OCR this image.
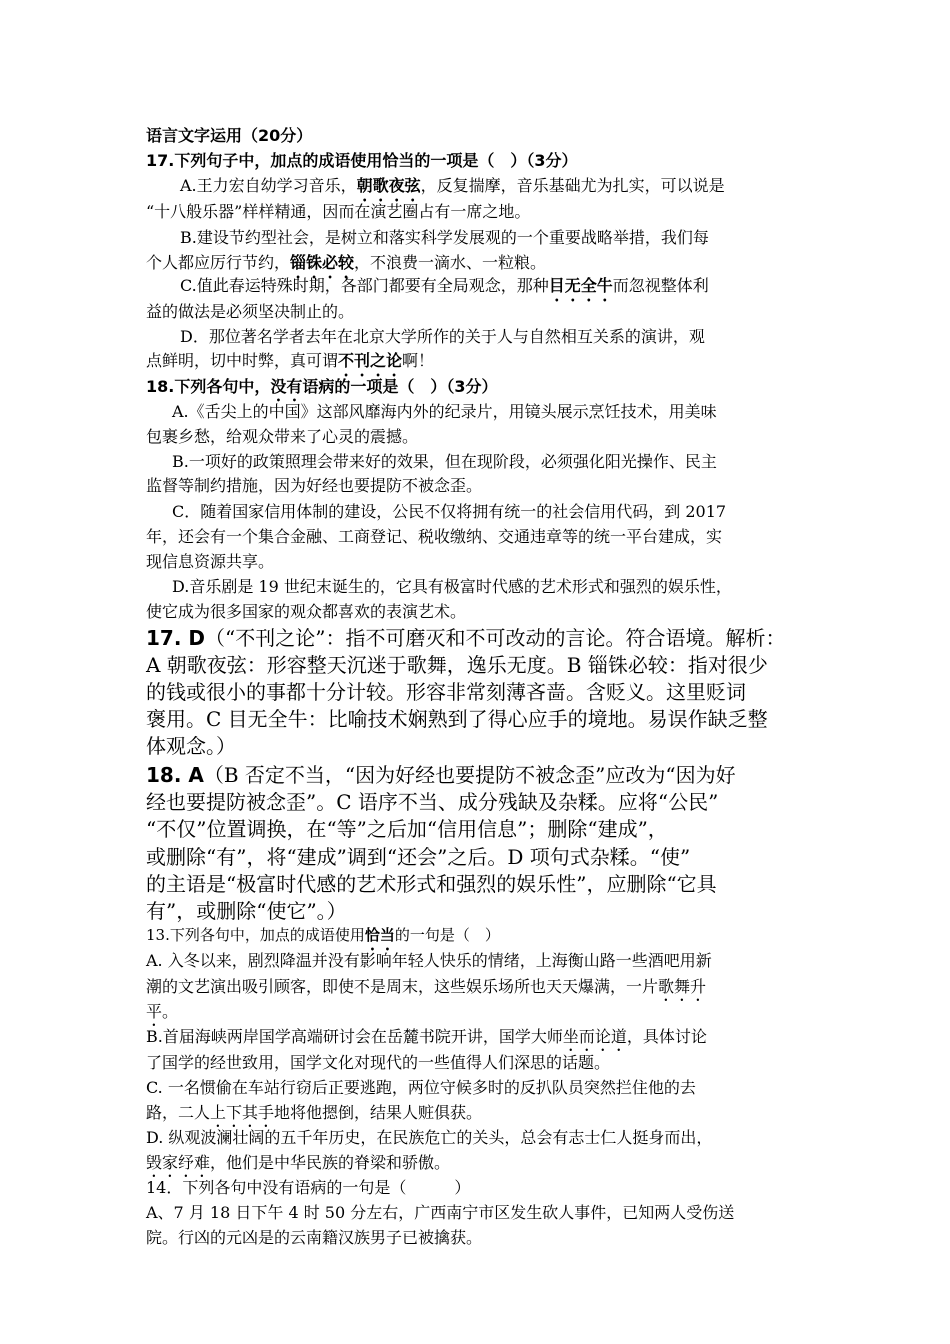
语言文字运用（20分）
17.下列句子中，加点的成语使用恰当的一项是（　）（3分）
A.王力宏自幼学习音乐，朝歌夜弦，反复揣摩，音乐基础尤为扎实，可以说是
“十八般乐器”样样精通，因而在演艺圈占有一席之地。
B.建设节约型社会，是树立和落实科学发展观的一个重要战略举措，我们每
个人都应厉行节约，锱铢必较，不浪费一滴水、一粒粮。
C.值此春运特殊时期，各部门都要有全局观念，那种目无全牛而忽视整体利
益的做法是必须坚决制止的。
D．那位著名学者去年在北京大学所作的关于人与自然相互关系的演讲，观
点鲜明，切中时弊，真可谓不刊之论啊！
18.下列各句中，没有语病的一项是（　）（3分）
A.《舌尖上的中国》这部风靡海内外的纪录片，用镜头展示烹饪技术，用美味
包裹乡愁，给观众带来了心灵的震撼。
B.一项好的政策照理会带来好的效果，但在现阶段，必须强化阳光操作、民主
监督等制约措施，因为好经也要提防不被念歪。
C．随着国家信用体制的建设，公民不仅将拥有统一的社会信用代码，到 2017
年，还会有一个集合金融、工商登记、税收缴纳、交通违章等的统一平台建成，实
现信息资源共享。
D.音乐剧是 19 世纪末诞生的，它具有极富时代感的艺术形式和强烈的娱乐性，
使它成为很多国家的观众都喜欢的表演艺术。
17. D（“不刊之论”：指不可磨灭和不可改动的言论。符合语境。解析：
A 朝歌夜弦：形容整天沉迷于歌舞，逸乐无度。B 锱铢必较：指对很少
的钱或很小的事都十分计较。形容非常刻薄吝啬。含贬义。这里贬词
褒用。C 目无全牛：比喻技术娴熟到了得心应手的境地。易误作缺乏整
体观念。）
18. A（B 否定不当，“因为好经也要提防不被念歪”应改为“因为好
经也要提防被念歪”。C 语序不当、成分残缺及杂糅。应将“公民”
“不仅”位置调换，在“等”之后加“信用信息”；删除“建成”，
或删除“有”，将“建成”调到“还会”之后。D 项句式杂糅。“使”
的主语是“极富时代感的艺术形式和强烈的娱乐性”，应删除“它具
有”，或删除“使它”。）
13.下列各句中，加点的成语使用恰当的一句是（　）
A. 入冬以来，剧烈降温并没有影响年轻人快乐的情绪，上海衡山路一些酒吧用新
潮的文艺演出吸引顾客，即使不是周末，这些娱乐场所也天天爆满，一片歌舞升
平。
B.首届海峡两岸国学高端研讨会在岳麓书院开讲，国学大师坐而论道，具体讨论
了国学的经世致用，国学文化对现代的一些值得人们深思的话题。
C. 一名惯偷在车站行窃后正要逃跑，两位守候多时的反扒队员突然拦住他的去
路，二人上下其手地将他摁倒，结果人赃俱获。
D. 纵观波澜壮阔的五千年历史，在民族危亡的关头，总会有志士仁人挺身而出，
毁家纾难，他们是中华民族的脊梁和骄傲。
14．下列各句中没有语病的一句是（　　　）
A、7 月 18 日下午 4 时 50 分左右，广西南宁市区发生砍人事件，已知两人受伤送
院。行凶的元凶是的云南籍汉族男子已被擒获。
